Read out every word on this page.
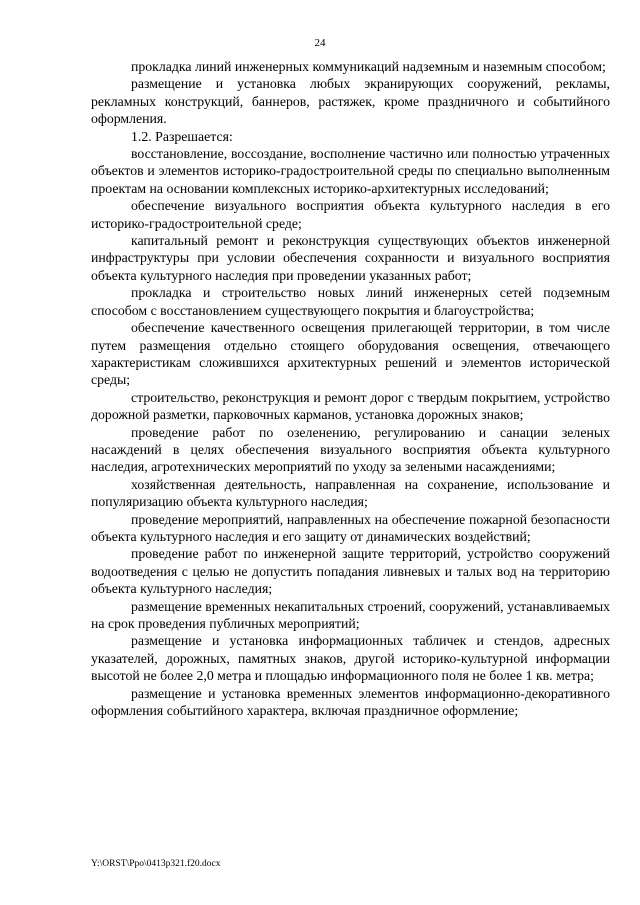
24

прокладка линий инженерных коммуникаций надземным и наземным способом;

размещение и установка любых экранирующих сооружений, рекламы, рекламных конструкций, баннеров, растяжек, кроме праздничного и событийного оформления.

1.2. Разрешается:

восстановление, воссоздание, восполнение частично или полностью утраченных объектов и элементов историко-градостроительной среды по специально выполненным проектам на основании комплексных историко-архитектурных исследований;

обеспечение визуального восприятия объекта культурного наследия в его историко-градостроительной среде;

капитальный ремонт и реконструкция существующих объектов инженерной инфраструктуры при условии обеспечения сохранности и визуального восприятия объекта культурного наследия при проведении указанных работ;

прокладка и строительство новых линий инженерных сетей подземным способом с восстановлением существующего покрытия и благоустройства;

обеспечение качественного освещения прилегающей территории, в том числе путем размещения отдельно стоящего оборудования освещения, отвечающего характеристикам сложившихся архитектурных решений и элементов исторической среды;

строительство, реконструкция и ремонт дорог с твердым покрытием, устройство дорожной разметки, парковочных карманов, установка дорожных знаков;

проведение работ по озеленению, регулированию и санации зеленых насаждений в целях обеспечения визуального восприятия объекта культурного наследия, агротехнических мероприятий по уходу за зелеными насаждениями;

хозяйственная деятельность, направленная на сохранение, использование и популяризацию объекта культурного наследия;

проведение мероприятий, направленных на обеспечение пожарной безопасности объекта культурного наследия и его защиту от динамических воздействий;

проведение работ по инженерной защите территорий, устройство сооружений водоотведения с целью не допустить попадания ливневых и талых вод на территорию объекта культурного наследия;

размещение временных некапитальных строений, сооружений, устанавливаемых на срок проведения публичных мероприятий;

размещение и установка информационных табличек и стендов, адресных указателей, дорожных, памятных знаков, другой историко-культурной информации высотой не более 2,0 метра и площадью информационного поля не более 1 кв. метра;

размещение и установка временных элементов информационно-декоративного оформления событийного характера, включая праздничное оформление;

Y:\ORST\Ppo\0413p321.f20.docx
